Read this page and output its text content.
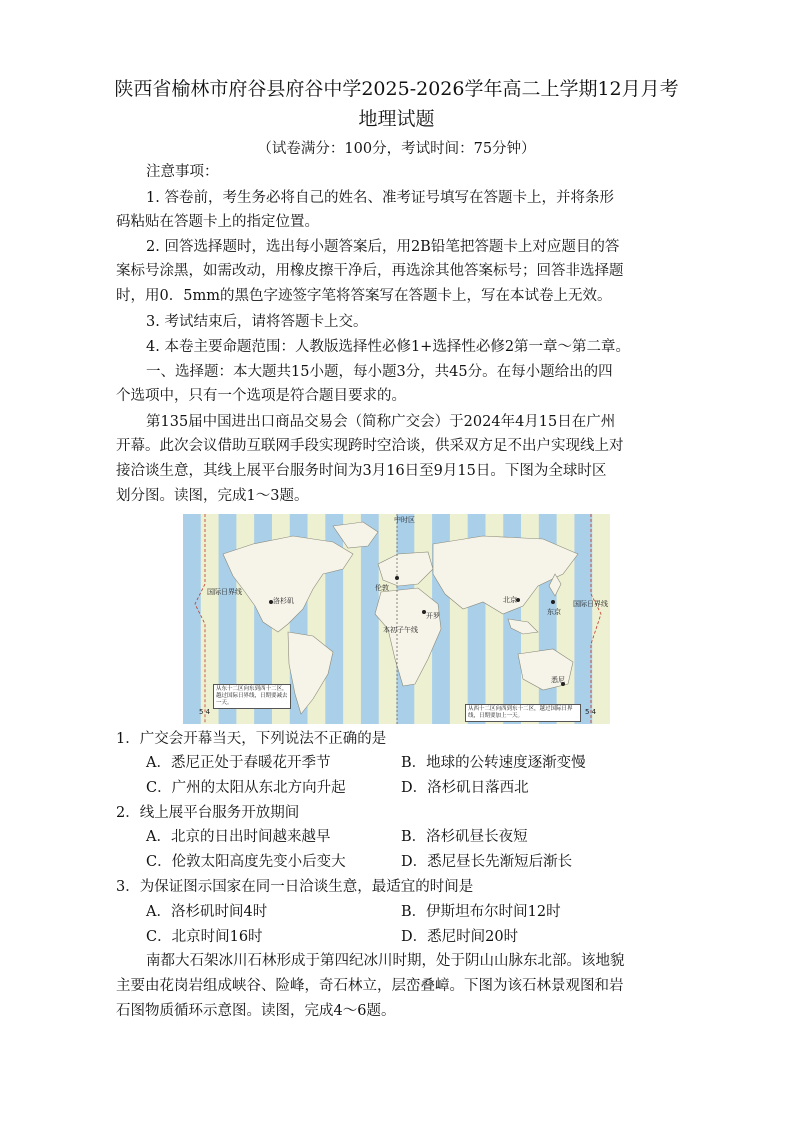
陕西省榆林市府谷县府谷中学2025-2026学年高二上学期12月月考
地理试题
（试卷满分：100分，考试时间：75分钟）
注意事项：
1. 答卷前，考生务必将自己的姓名、准考证号填写在答题卡上，并将条形
码粘贴在答题卡上的指定位置。
2. 回答选择题时，选出每小题答案后，用2B铅笔把答题卡上对应题目的答
案标号涂黑，如需改动，用橡皮擦干净后，再选涂其他答案标号；回答非选择题
时，用0．5mm的黑色字迹签字笔将答案写在答题卡上，写在本试卷上无效。
3. 考试结束后，请将答题卡上交。
4. 本卷主要命题范围：人教版选择性必修1+选择性必修2第一章～第二章。
一、选择题：本大题共15小题，每小题3分，共45分。在每小题给出的四
个选项中，只有一个选项是符合题目要求的。
第135届中国进出口商品交易会（简称广交会）于2024年4月15日在广州
开幕。此次会议借助互联网手段实现跨时空洽谈，供采双方足不出户实现线上对
接洽谈生意，其线上展平台服务时间为3月16日至9月15日。下图为全球时区
划分图。读图，完成1～3题。
中时区
伦敦
洛杉矶	北京
东京
开罗
悉尼
国际日界线
国际日界线
本初子午线
5 4	5 4
从东十二区向东到西十二区，越过国际日界线，日期要减去一天。
从西十二区向西到东十二区，越过国际日界线，日期要加上一天。
1．广交会开幕当天，下列说法不正确的是
A．悉尼正处于春暖花开季节	B．地球的公转速度逐渐变慢
C．广州的太阳从东北方向升起	D．洛杉矶日落西北
2．线上展平台服务开放期间
A．北京的日出时间越来越早	B．洛杉矶昼长夜短
C．伦敦太阳高度先变小后变大	D．悉尼昼长先渐短后渐长
3．为保证图示国家在同一日洽谈生意，最适宜的时间是
A．洛杉矶时间4时	B．伊斯坦布尔时间12时
C．北京时间16时	D．悉尼时间20时
南都大石架冰川石林形成于第四纪冰川时期，处于阴山山脉东北部。该地貌
主要由花岗岩组成峡谷、险峰，奇石林立，层峦叠嶂。下图为该石林景观图和岩
石图物质循环示意图。读图，完成4～6题。
